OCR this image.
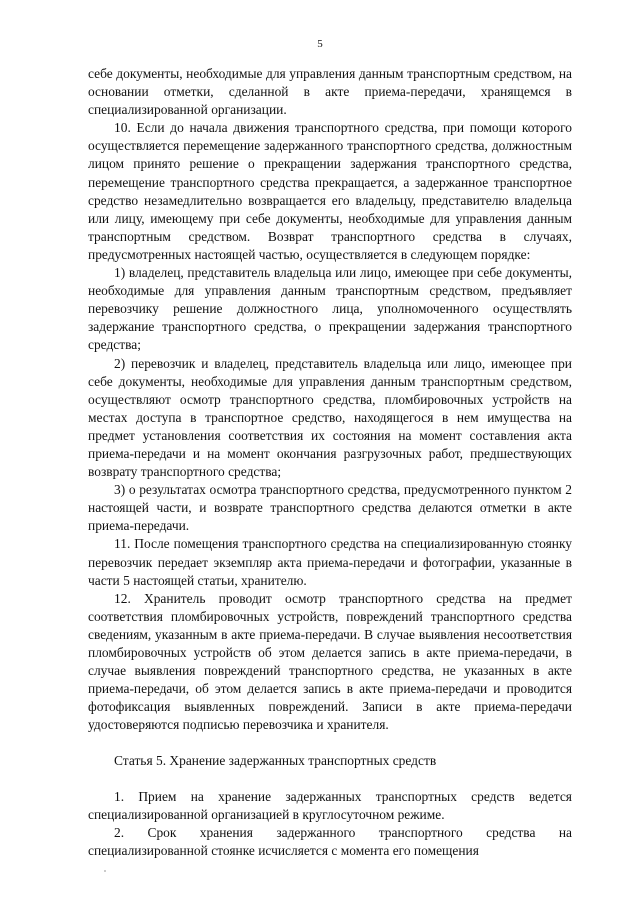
5

себе документы, необходимые для управления данным транспортным средством, на основании отметки, сделанной в акте приема-передачи, хранящемся в специализированной организации.

10. Если до начала движения транспортного средства, при помощи которого осуществляется перемещение задержанного транспортного средства, должностным лицом принято решение о прекращении задержания транспортного средства, перемещение транспортного средства прекращается, а задержанное транспортное средство незамедлительно возвращается его владельцу, представителю владельца или лицу, имеющему при себе документы, необходимые для управления данным транспортным средством. Возврат транспортного средства в случаях, предусмотренных настоящей частью, осуществляется в следующем порядке:

1) владелец, представитель владельца или лицо, имеющее при себе документы, необходимые для управления данным транспортным средством, предъявляет перевозчику решение должностного лица, уполномоченного осуществлять задержание транспортного средства, о прекращении задержания транспортного средства;

2) перевозчик и владелец, представитель владельца или лицо, имеющее при себе документы, необходимые для управления данным транспортным средством, осуществляют осмотр транспортного средства, пломбировочных устройств на местах доступа в транспортное средство, находящегося в нем имущества на предмет установления соответствия их состояния на момент составления акта приема-передачи и на момент окончания разгрузочных работ, предшествующих возврату транспортного средства;

3) о результатах осмотра транспортного средства, предусмотренного пунктом 2 настоящей части, и возврате транспортного средства делаются отметки в акте приема-передачи.

11. После помещения транспортного средства на специализированную стоянку перевозчик передает экземпляр акта приема-передачи и фотографии, указанные в части 5 настоящей статьи, хранителю.

12. Хранитель проводит осмотр транспортного средства на предмет соответствия пломбировочных устройств, повреждений транспортного средства сведениям, указанным в акте приема-передачи. В случае выявления несоответствия пломбировочных устройств об этом делается запись в акте приема-передачи, в случае выявления повреждений транспортного средства, не указанных в акте приема-передачи, об этом делается запись в акте приема-передачи и проводится фотофиксация выявленных повреждений. Записи в акте приема-передачи удостоверяются подписью перевозчика и хранителя.

Статья 5. Хранение задержанных транспортных средств

1. Прием на хранение задержанных транспортных средств ведется специализированной организацией в круглосуточном режиме.

2. Срок хранения задержанного транспортного средства на специализированной стоянке исчисляется с момента его помещения
